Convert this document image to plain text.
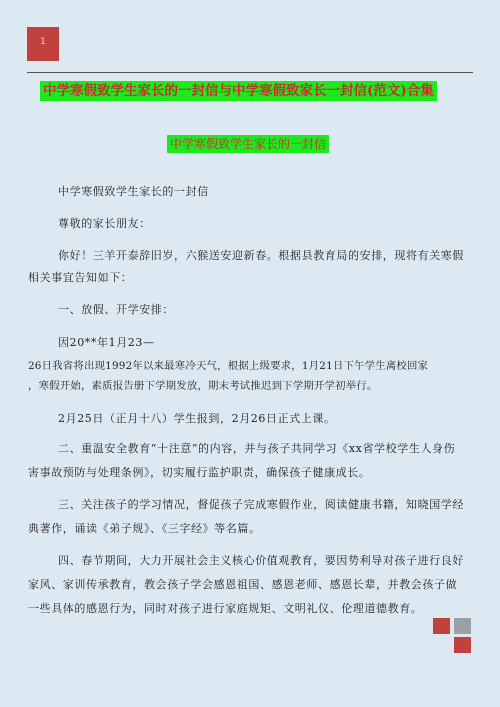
1
中学寒假致学生家长的一封信与中学寒假致家长一封信(范文)合集
中学寒假致学生家长的一封信

中学寒假致学生家长的一封信

尊敬的家长朋友：

你好！三羊开泰辞旧岁，六猴送安迎新春。根据县教育局的安排，现将有关寒假
相关事宜告知如下：

一、放假、开学安排：

因20**年1月23—

26日我省将出现1992年以来最寒冷天气，根据上级要求，1月21日下午学生离校回家
，寒假开始，素质报告册下学期发放，期末考试推迟到下学期开学初举行。

2月25日（正月十八）学生报到，2月26日正式上课。

二、重温安全教育“十注意”的内容，并与孩子共同学习《xx省学校学生人身伤
害事故预防与处理条例》，切实履行监护职责，确保孩子健康成长。
三、关注孩子的学习情况，督促孩子完成寒假作业，阅读健康书籍，知晓国学经
典著作，诵读《弟子规》、《三字经》等名篇。
四、春节期间，大力开展社会主义核心价值观教育，要因势利导对孩子进行良好
家风、家训传承教育，教会孩子学会感恩祖国、感恩老师、感恩长辈，并教会孩子做
一些具体的感恩行为，同时对孩子进行家庭规矩、文明礼仪、伦理道德教育。
